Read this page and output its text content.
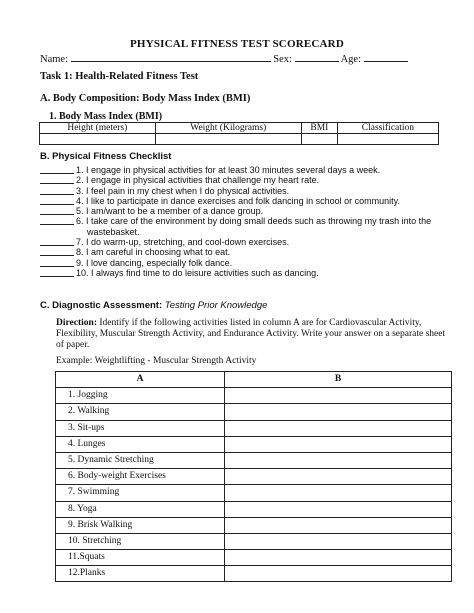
PHYSICAL FITNESS TEST SCORECARD
Name:	Sex:	Age:
Task 1: Health-Related Fitness Test
A. Body Composition: Body Mass Index (BMI)
1. Body Mass Index (BMI)
Height (meters)	Weight (Kilograms)	BMI	Classification

B. Physical Fitness Checklist
1. I engage in physical activities for at least 30 minutes several days a week.
2. I engage in physical activities that challenge my heart rate.
3. I feel pain in my chest when I do physical activities.
4. I like to participate in dance exercises and folk dancing in school or community.
5. I am/want to be a member of a dance group.
6. I take care of the environment by doing small deeds such as throwing my trash into the
wastebasket.
7. I do warm-up, stretching, and cool-down exercises.
8. I am careful in choosing what to eat.
9. I love dancing, especially folk dance.
10. I always find time to do leisure activities such as dancing.
C. Diagnostic Assessment: Testing Prior Knowledge
Direction: Identify if the following activities listed in column A are for Cardiovascular Activity, Flexibility, Muscular Strength Activity, and Endurance Activity. Write your answer on a separate sheet of paper.
Example: Weightlifting - Muscular Strength Activity
A	B
1. Jogging	
2. Walking	
3. Sit-ups	
4. Lunges	
5. Dynamic Stretching	
6. Body-weight Exercises	
7. Swimming	
8. Yoga	
9. Brisk Walking	
10. Stretching	
11.Squats	
12.Planks	
